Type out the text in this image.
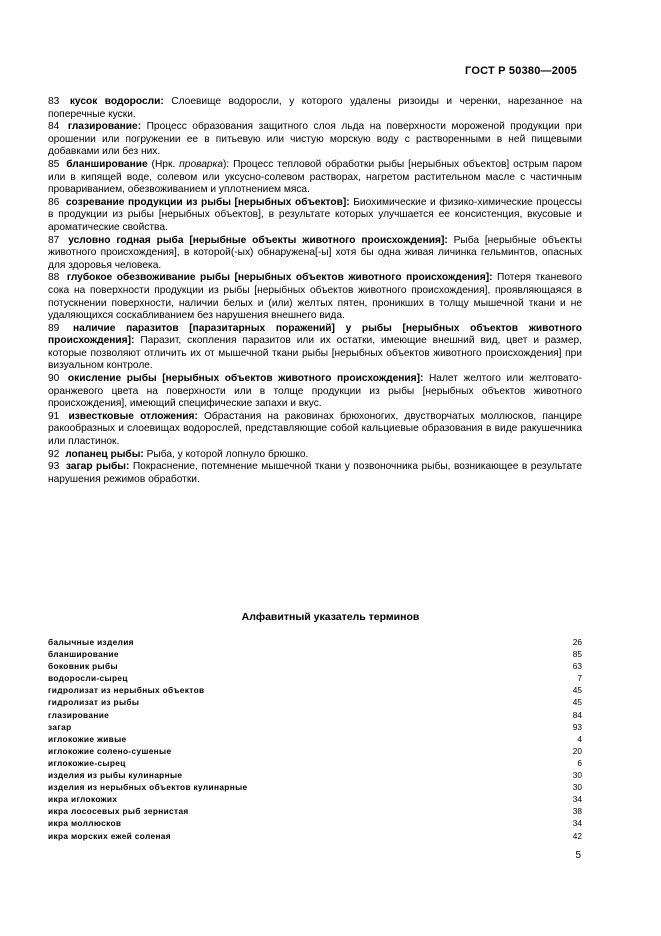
ГОСТ Р 50380—2005

83 кусок водоросли: Слоевище водоросли, у которого удалены ризоиды и черенки, нарезанное на поперечные куски.

84 глазирование: Процесс образования защитного слоя льда на поверхности мороженой продукции при орошении или погружении ее в питьевую или чистую морскую воду с растворенными в ней пищевыми добавками или без них.

85 бланширование (Нрк. проварка): Процесс тепловой обработки рыбы [нерыбных объектов] острым паром или в кипящей воде, солевом или уксусно-солевом растворах, нагретом растительном масле с частичным провариванием, обезвоживанием и уплотнением мяса.

86 созревание продукции из рыбы [нерыбных объектов]: Биохимические и физико-химические процессы в продукции из рыбы [нерыбных объектов], в результате которых улучшается ее консистенция, вкусовые и ароматические свойства.

87 условно годная рыба [нерыбные объекты животного происхождения]: Рыба [нерыбные объекты животного происхождения], в которой(-ых) обнаружена[-ы] хотя бы одна живая личинка гельминтов, опасных для здоровья человека.

88 глубокое обезвоживание рыбы [нерыбных объектов животного происхождения]: Потеря тканевого сока на поверхности продукции из рыбы [нерыбных объектов животного происхождения], проявляющаяся в потускнении поверхности, наличии белых и (или) желтых пятен, проникших в толщу мышечной ткани и не удаляющихся соскабливанием без нарушения внешнего вида.

89 наличие паразитов [паразитарных поражений] у рыбы [нерыбных объектов животного происхождения]: Паразит, скопления паразитов или их остатки, имеющие внешний вид, цвет и размер, которые позволяют отличить их от мышечной ткани рыбы [нерыбных объектов животного происхождения] при визуальном контроле.

90 окисление рыбы [нерыбных объектов животного происхождения]: Налет желтого или желтовато-оранжевого цвета на поверхности или в толще продукции из рыбы [нерыбных объектов животного происхождения], имеющий специфические запахи и вкус.

91 известковые отложения: Обрастания на раковинах брюхоногих, двустворчатых моллюсков, панцире ракообразных и слоевищах водорослей, представляющие собой кальциевые образования в виде ракушечника или пластинок.

92 лопанец рыбы: Рыба, у которой лопнуло брюшко.

93 загар рыбы: Покраснение, потемнение мышечной ткани у позвоночника рыбы, возникающее в результате нарушения режимов обработки.

Алфавитный указатель терминов
балычные изделия	26
бланширование	85
боковник рыбы	63
водоросли-сырец	7
гидролизат из нерыбных объектов	45
гидролизат из рыбы	45
глазирование	84
загар	93
иглокожие живые	4
иглокожие солено-сушеные	20
иглокожие-сырец	6
изделия из рыбы кулинарные	30
изделия из нерыбных объектов кулинарные	30
икра иглокожих	34
икра лососевых рыб зернистая	38
икра моллюсков	34
икра морских ежей соленая	42
5
